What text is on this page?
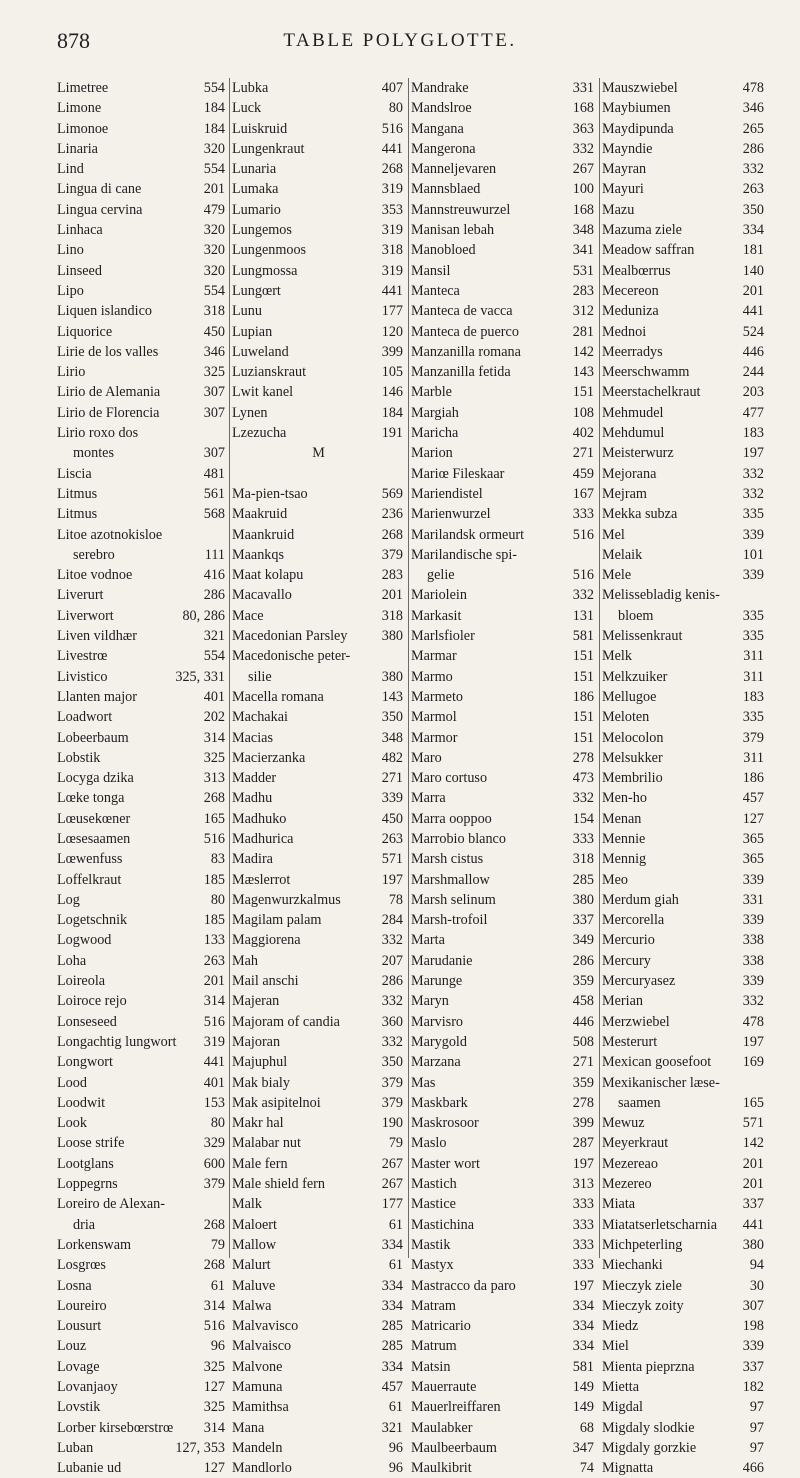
878	TABLE POLYGLOTTE.
Limetree	554
Limone	184
Limonoe	184
Linaria	320
Lind	554
Lingua di cane	201
Lingua cervina	479
Linhaca	320
Lino	320
Linseed	320
Lipo	554
Liquen islandico	318
Liquorice	450
Lirie de los valles	346
Lirio	325
Lirio de Alemania	307
Lirio de Florencia	307
Lirio roxo dos
montes	307
Liscia	481
Litmus	561
Litmus	568
Litoe azotnokisloe
serebro	111
Litoe vodnoe	416
Liverurt	286
Liverwort	80, 286
Liven vildhær	321
Livestrœ	554
Livistico	325, 331
Llanten major	401
Loadwort	202
Lobeerbaum	314
Lobstik	325
Locyga dzika	313
Lœke tonga	268
Lœusekœner	165
Lœsesaamen	516
Lœwenfuss	83
Loffelkraut	185
Log	80
Logetschnik	185
Logwood	133
Loha	263
Loireola	201
Loiroce rejo	314
Lonseseed	516
Longachtig lungwort	319
Longwort	441
Lood	401
Loodwit	153
Look	80
Loose strife	329
Lootglans	600
Loppegrns	379
Loreiro de Alexan-
dria	268
Lorkenswam	79
Losgrœs	268
Losna	61
Loureiro	314
Lousurt	516
Louz	96
Lovage	325
Lovanjaoy	127
Lovstik	325
Lorber kirsebœrstrœ	314
Luban	127, 353
Lubanie ud	127
Lubka	407
Luck	80
Luiskruid	516
Lungenkraut	441
Lunaria	268
Lumaka	319
Lumario	353
Lungemos	319
Lungenmoos	318
Lungmossa	319
Lungœrt	441
Lunu	177
Lupian	120
Luweland	399
Luzianskraut	105
Lwit kanel	146
Lynen	184
Lzezucha	191
M
Ma-pien-tsao	569
Maakruid	236
Maankruid	268
Maankqs	379
Maat kolapu	283
Macavallo	201
Mace	318
Macedonian Parsley	380
Macedonische peter-
silie	380
Macella romana	143
Machakai	350
Macias	348
Macierzanka	482
Madder	271
Madhu	339
Madhuko	450
Madhurica	263
Madira	571
Mæslerrot	197
Magenwurzkalmus	78
Magilam palam	284
Maggiorena	332
Mah	207
Mail anschi	286
Majeran	332
Majoram of candia	360
Majoran	332
Majuphul	350
Mak bialy	379
Mak asipitelnoi	379
Makr hal	190
Malabar nut	79
Male fern	267
Male shield fern	267
Malk	177
Maloert	61
Mallow	334
Malurt	61
Maluve	334
Malwa	334
Malvavisco	285
Malvaisco	285
Malvone	334
Mamuna	457
Mamithsa	61
Mana	321
Mandeln	96
Mandlorlo	96
Mandrake	331
Mandslroe	168
Mangana	363
Mangerona	332
Manneljevaren	267
Mannsblaed	100
Mannstreuwurzel	168
Manisan lebah	348
Manobloed	341
Mansil	531
Manteca	283
Manteca de vacca	312
Manteca de puerco	281
Manzanilla romana	142
Manzanilla fetida	143
Marble	151
Margiah	108
Maricha	402
Marion	271
Mariœ Fileskaar	459
Mariendistel	167
Marienwurzel	333
Marilandsk ormeurt	516
Marilandische spi-
gelie	516
Mariolein	332
Markasit	131
Marlsfioler	581
Marmar	151
Marmo	151
Marmeto	186
Marmol	151
Marmor	151
Maro	278
Maro cortuso	473
Marra	332
Marra ooppoo	154
Marrobio blanco	333
Marsh cistus	318
Marshmallow	285
Marsh selinum	380
Marsh-trofoil	337
Marta	349
Marudanie	286
Marunge	359
Maryn	458
Marvisro	446
Marygold	508
Marzana	271
Mas	359
Maskbark	278
Maskrosoor	399
Maslo	287
Master wort	197
Mastich	313
Mastice	333
Mastichina	333
Mastik	333
Mastyx	333
Mastracco da paro	197
Matram	334
Matricario	334
Matrum	334
Matsin	581
Mauerraute	149
Mauerlreiffaren	149
Maulabker	68
Maulbeerbaum	347
Maulkibrit	74
Mauszwiebel	478
Maybiumen	346
Maydipunda	265
Mayndie	286
Mayran	332
Mayuri	263
Mazu	350
Mazuma ziele	334
Meadow saffran	181
Mealbœrrus	140
Mecereon	201
Meduniza	441
Mednoi	524
Meerradys	446
Meerschwamm	244
Meerstachelkraut	203
Mehmudel	477
Mehdumul	183
Meisterwurz	197
Mejorana	332
Mejram	332
Mekka subza	335
Mel	339
Melaik	101
Mele	339
Melissebladig kenis-
bloem	335
Melissenkraut	335
Melk	311
Melkzuiker	311
Mellugoe	183
Meloten	335
Melocolon	379
Melsukker	311
Membrilio	186
Men-ho	457
Menan	127
Mennie	365
Mennig	365
Meo	339
Merdum giah	331
Mercorella	339
Mercurio	338
Mercury	338
Mercuryasez	339
Merian	332
Merzwiebel	478
Mesterurt	197
Mexican goosefoot	169
Mexikanischer læse-
saamen	165
Mewuz	571
Meyerkraut	142
Mezereao	201
Mezereo	201
Miata	337
Miatatserletscharnia	441
Michpeterling	380
Miechanki	94
Mieczyk ziele	30
Mieczyk zoity	307
Miedz	198
Miel	339
Mienta pieprzna	337
Mietta	182
Migdal	97
Migdaly slodkie	97
Migdaly gorzkie	97
Mignatta	466
